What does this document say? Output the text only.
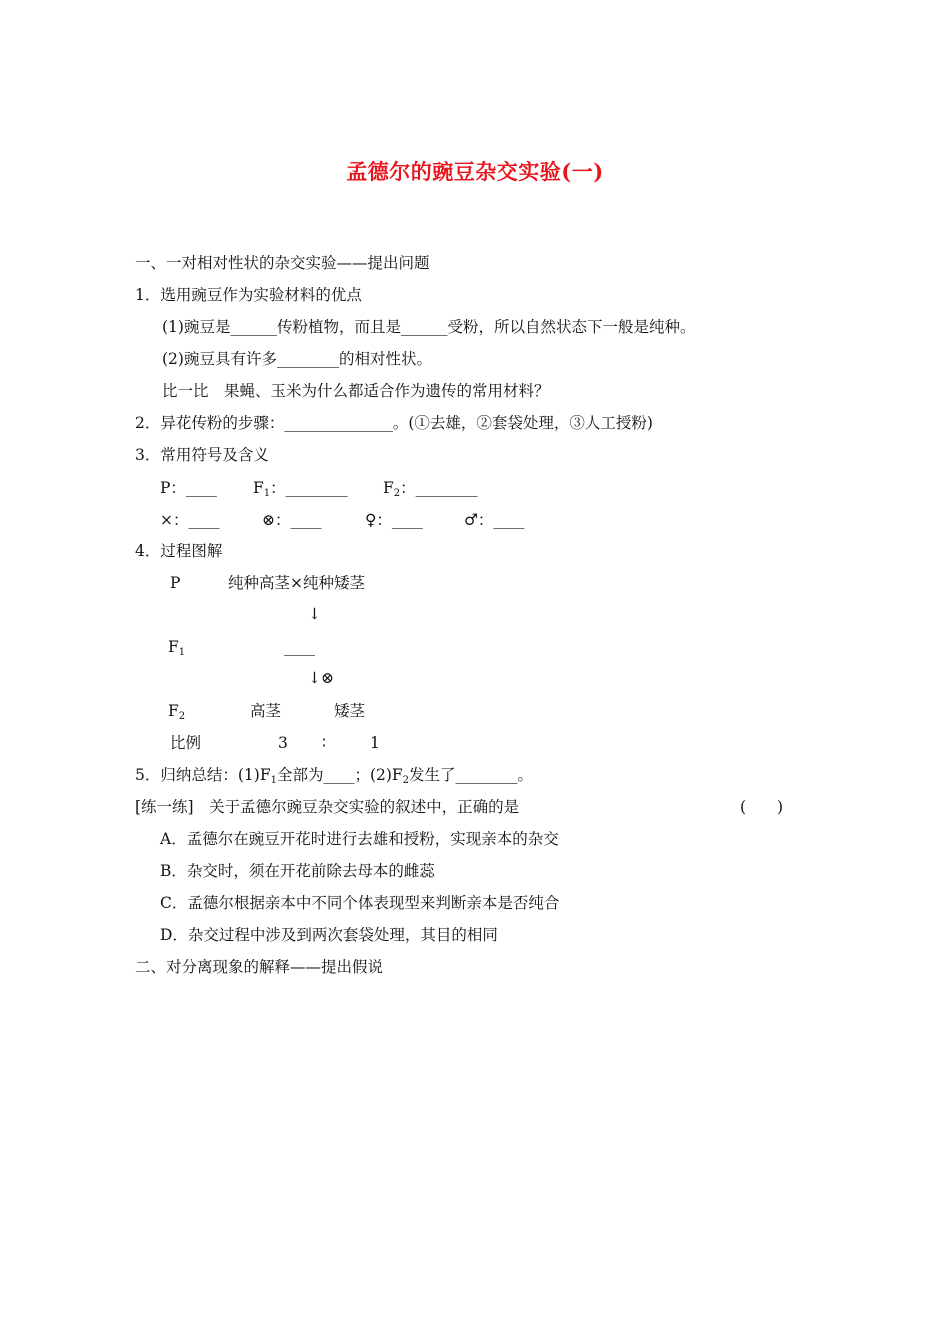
孟德尔的豌豆杂交实验(一)
一、一对相对性状的杂交实验——提出问题
1．选用豌豆作为实验材料的优点
(1)豌豆是______传粉植物，而且是______受粉，所以自然状态下一般是纯种。
(2)豌豆具有许多________的相对性状。
比一比　果蝇、玉米为什么都适合作为遗传的常用材料？
2．异花传粉的步骤：______________。(①去雄，②套袋处理，③人工授粉)
3．常用符号及含义
P：____ F1：________ F2：________
×：____	⊗：____	♀：____	♂：____
4．过程图解
P	纯种高茎×纯种矮茎
↓
F1	____
↓⊗
F2	高茎	矮茎
比例	3 ∶	1
5．归纳总结：(1)F1全部为____；(2)F2发生了________。
[练一练]　关于孟德尔豌豆杂交实验的叙述中，正确的是	(　　)
A．孟德尔在豌豆开花时进行去雄和授粉，实现亲本的杂交
B．杂交时，须在开花前除去母本的雌蕊
C．孟德尔根据亲本中不同个体表现型来判断亲本是否纯合
D．杂交过程中涉及到两次套袋处理，其目的相同
二、对分离现象的解释——提出假说
